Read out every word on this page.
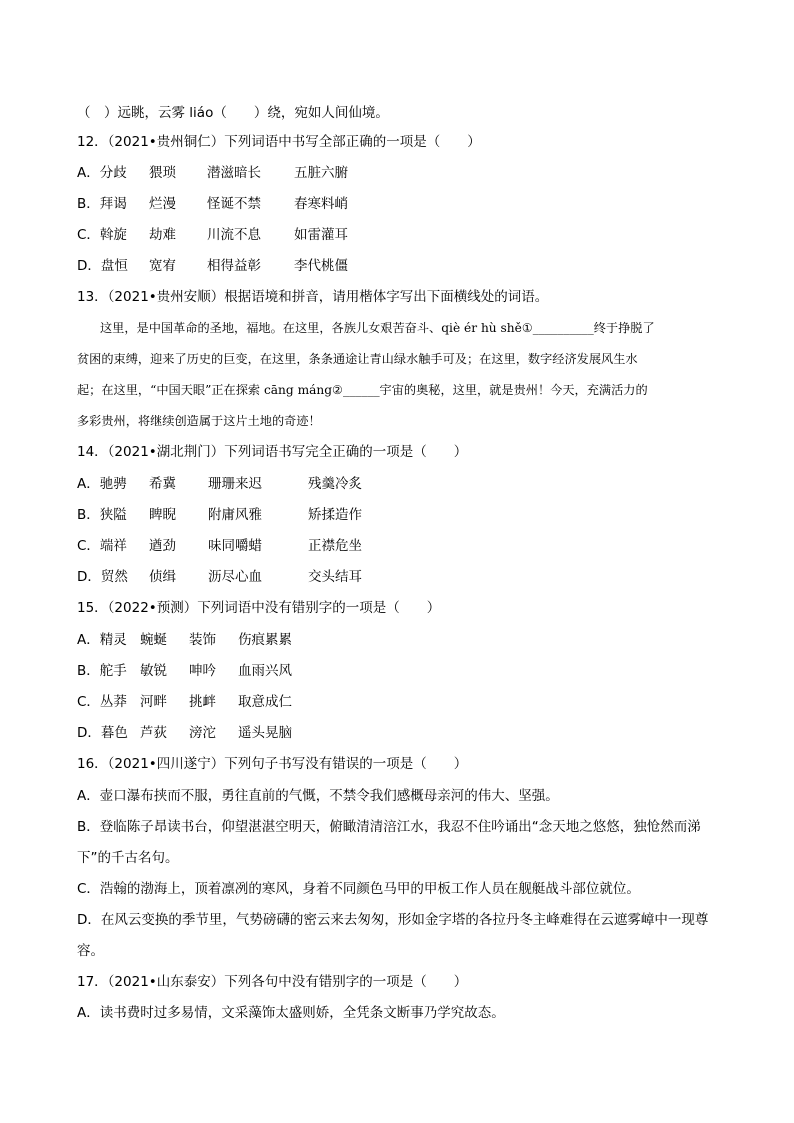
（　）远眺，云雾 liáo（　　）绕，宛如人间仙境。
12．（2021•贵州铜仁）下列词语中书写全部正确的一项是（　　）
A．分歧 猥琐 潜滋暗长 五脏六腑
B．拜谒 烂漫 怪诞不禁 春寒料峭
C．斡旋 劫难 川流不息 如雷灌耳
D．盘恒 宽宥 相得益彰 李代桃僵
13．（2021•贵州安顺）根据语境和拼音，请用楷体字写出下面横线处的词语。
这里，是中国革命的圣地，福地。在这里，各族儿女艰苦奋斗、qiè ér hù shě①__________终于挣脱了
贫困的束缚，迎来了历史的巨变，在这里，条条通途让青山绿水触手可及；在这里，数字经济发展风生水
起；在这里，“中国天眼”正在探索 cāng máng②______宇宙的奥秘，这里，就是贵州！今天，充满活力的
多彩贵州，将继续创造属于这片土地的奇迹！
14．（2021•湖北荆门）下列词语书写完全正确的一项是（　　）
A．驰骋 希冀 珊珊来迟	残羹冷炙
B．狭隘 睥睨 附庸风雅	矫揉造作
C．端祥 遒劲 味同嚼蜡	正襟危坐
D．贸然 侦缉 沥尽心血	交头结耳
15．（2022•预测）下列词语中没有错别字的一项是（　　）
A．精灵 蜿蜒 装饰 伤痕累累
B．舵手 敏锐 呻吟 血雨兴风
C．丛莽 河畔 挑衅 取意成仁
D．暮色 芦荻 滂沱 遥头晃脑
16．（2021•四川遂宁）下列句子书写没有错误的一项是（　　）
A．壶口瀑布挟而不服，勇往直前的气慨，不禁令我们感概母亲河的伟大、坚强。
B．登临陈子昂读书台，仰望湛湛空明天，俯瞰清清涪江水，我忍不住吟诵出“念天地之悠悠，独怆然而涕
下”的千古名句。
C．浩翰的渤海上，顶着凛冽的寒风，身着不同颜色马甲的甲板工作人员在舰艇战斗部位就位。
D．在风云变换的季节里，气势磅礴的密云来去匆匆，形如金字塔的各拉丹冬主峰难得在云遮雾嶂中一现尊
容。
17．（2021•山东泰安）下列各句中没有错别字的一项是（　　）
A．读书费时过多易情，文采藻饰太盛则娇，全凭条文断事乃学究故态。
